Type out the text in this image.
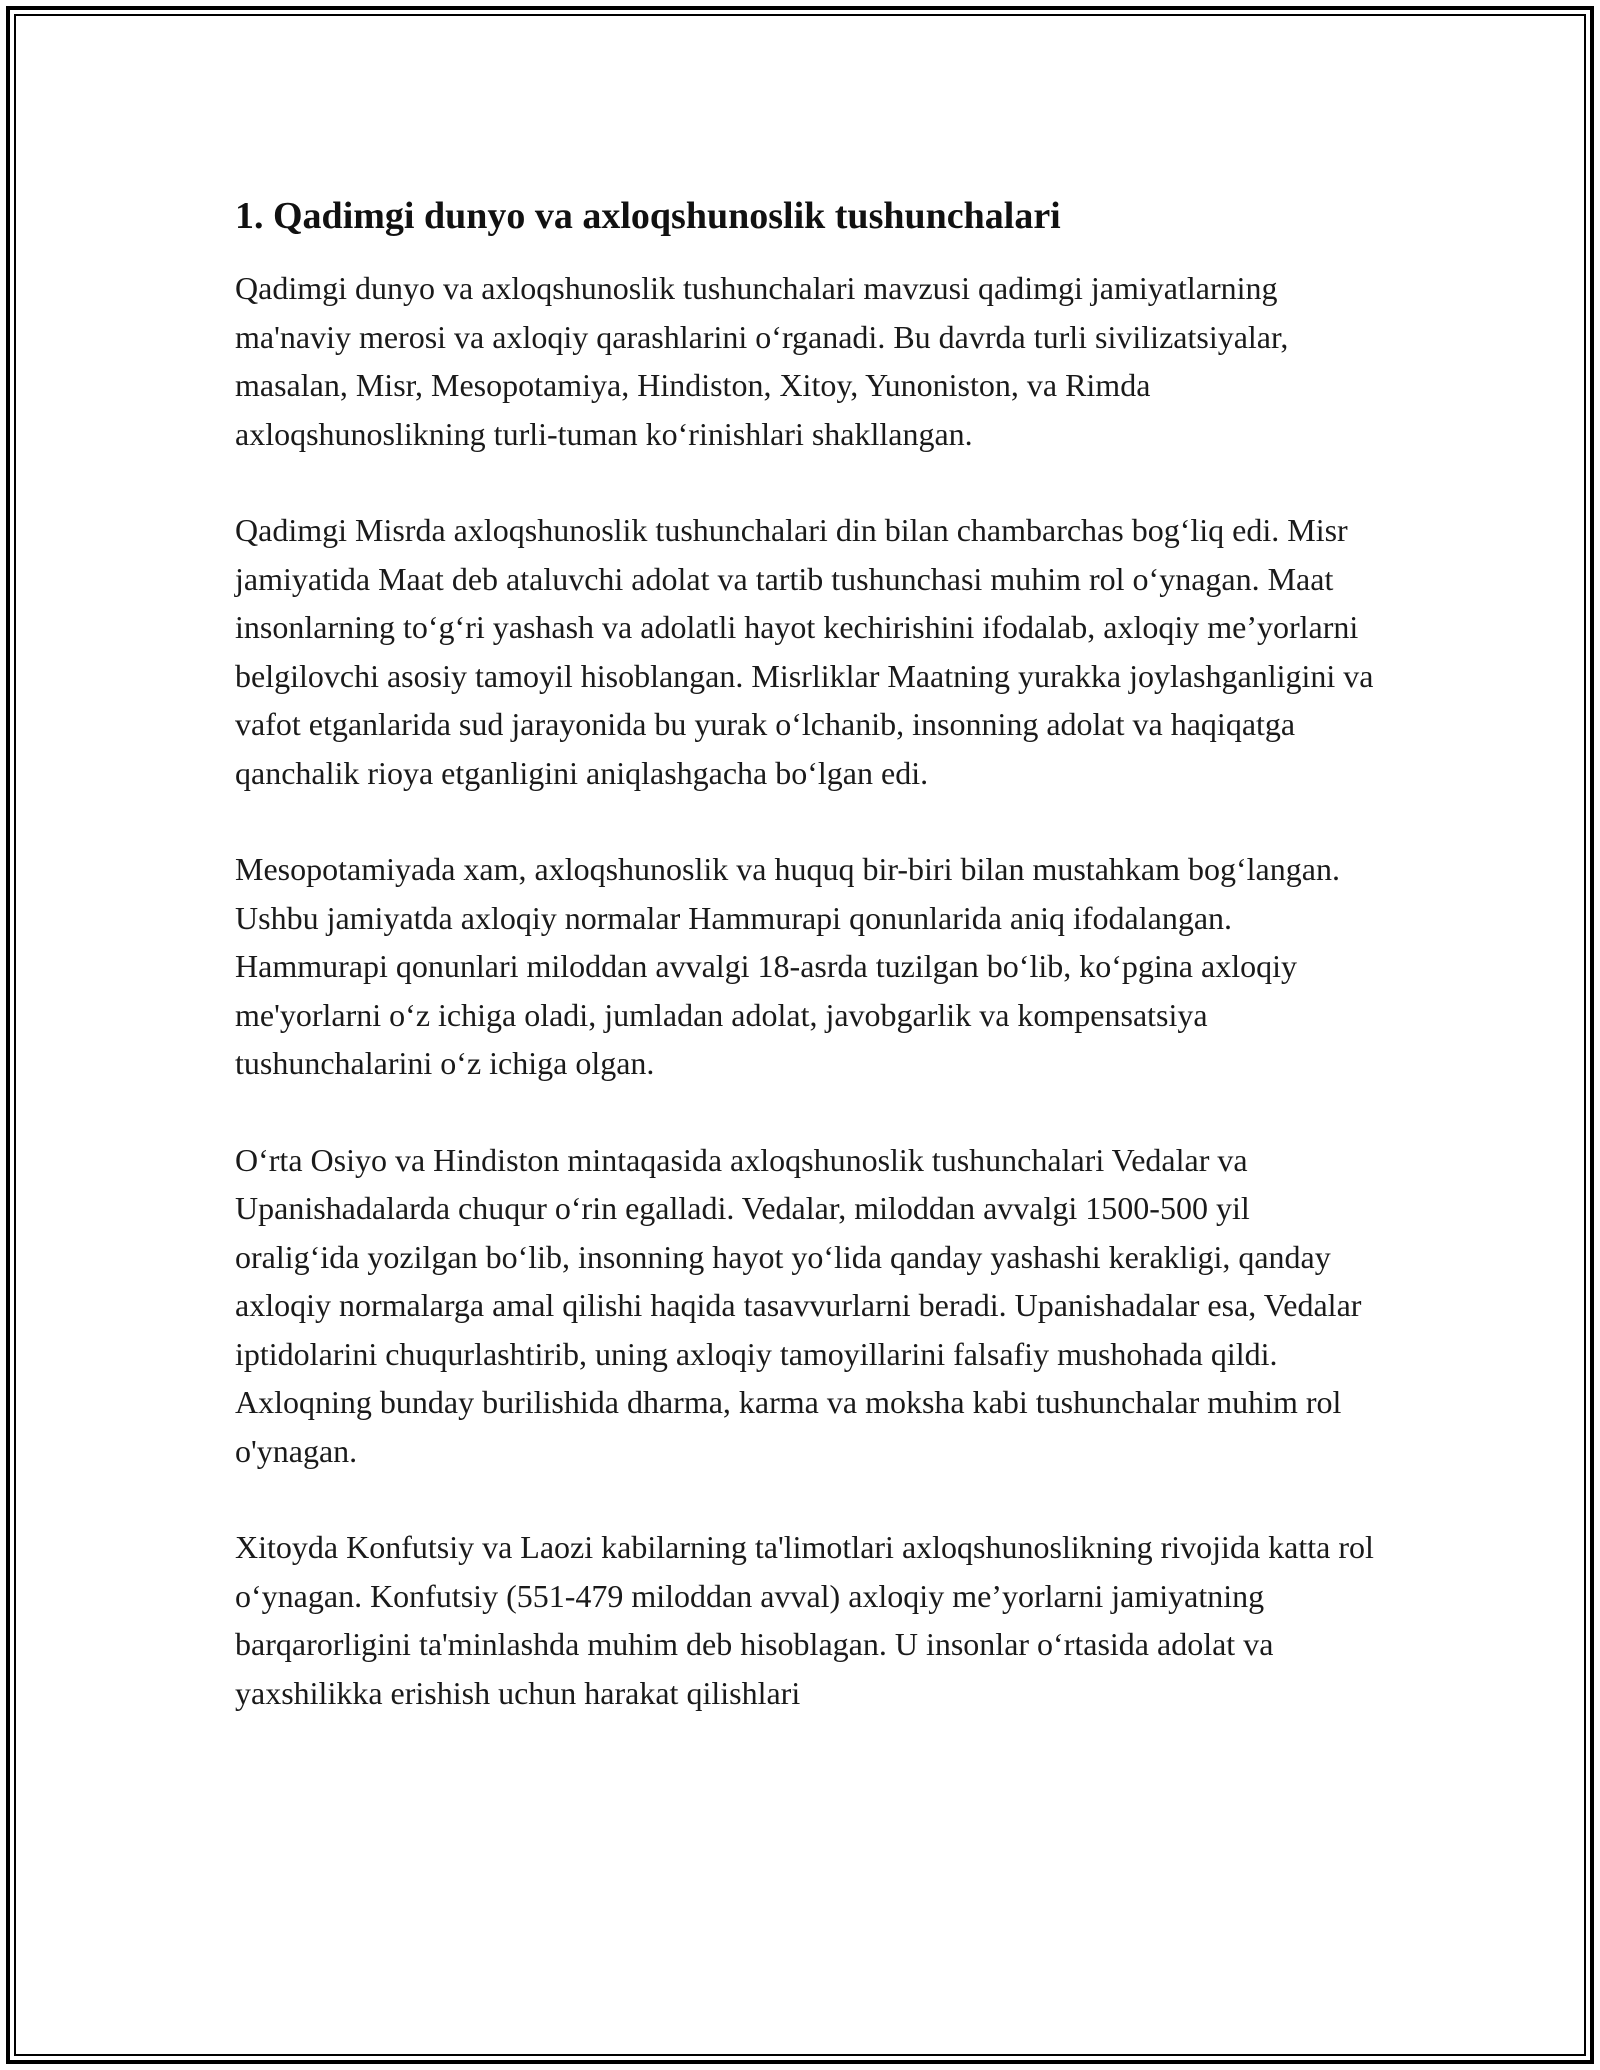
1. Qadimgi dunyo va axloqshunoslik tushunchalari

Qadimgi dunyo va axloqshunoslik tushunchalari mavzusi qadimgi jamiyatlarning ma'naviy merosi va axloqiy qarashlarini o‘rganadi. Bu davrda turli sivilizatsiyalar, masalan, Misr, Mesopotamiya, Hindiston, Xitoy, Yunoniston, va Rimda axloqshunoslikning turli-tuman ko‘rinishlari shakllangan.

Qadimgi Misrda axloqshunoslik tushunchalari din bilan chambarchas bog‘liq edi. Misr jamiyatida Maat deb ataluvchi adolat va tartib tushunchasi muhim rol o‘ynagan. Maat insonlarning to‘g‘ri yashash va adolatli hayot kechirishini ifodalab, axloqiy me’yorlarni belgilovchi asosiy tamoyil hisoblangan. Misrliklar Maatning yurakka joylashganligini va vafot etganlarida sud jarayonida bu yurak o‘lchanib, insonning adolat va haqiqatga qanchalik rioya etganligini aniqlashgacha bo‘lgan edi.

Mesopotamiyada xam, axloqshunoslik va huquq bir-biri bilan mustahkam bog‘langan. Ushbu jamiyatda axloqiy normalar Hammurapi qonunlarida aniq ifodalangan. Hammurapi qonunlari miloddan avvalgi 18-asrda tuzilgan bo‘lib, ko‘pgina axloqiy me'yorlarni o‘z ichiga oladi, jumladan adolat, javobgarlik va kompensatsiya tushunchalarini o‘z ichiga olgan.

O‘rta Osiyo va Hindiston mintaqasida axloqshunoslik tushunchalari Vedalar va Upanishadalarda chuqur o‘rin egalladi. Vedalar, miloddan avvalgi 1500-500 yil oralig‘ida yozilgan bo‘lib, insonning hayot yo‘lida qanday yashashi kerakligi, qanday axloqiy normalarga amal qilishi haqida tasavvurlarni beradi. Upanishadalar esa, Vedalar iptidolarini chuqurlashtirib, uning axloqiy tamoyillarini falsafiy mushohada qildi. Axloqning bunday burilishida dharma, karma va moksha kabi tushunchalar muhim rol o'ynagan.

Xitoyda Konfutsiy va Laozi kabilarning ta'limotlari axloqshunoslikning rivojida katta rol o‘ynagan. Konfutsiy (551-479 miloddan avval) axloqiy me’yorlarni jamiyatning barqarorligini ta'minlashda muhim deb hisoblagan. U insonlar o‘rtasida adolat va yaxshilikka erishish uchun harakat qilishlari
